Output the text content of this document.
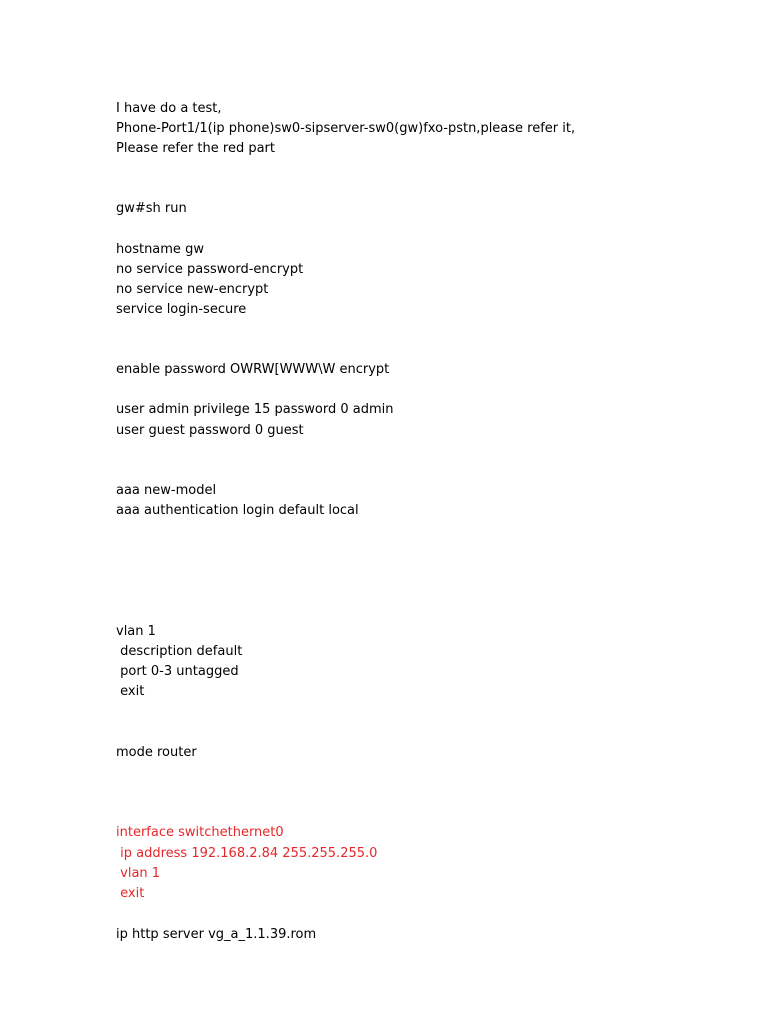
I have do a test,
Phone-Port1/1(ip phone)sw0-sipserver-sw0(gw)fxo-pstn,please refer it,
Please refer the red part
gw#sh run
hostname gw
no service password-encrypt
no service new-encrypt
service login-secure
enable password OWRW[WWW\W encrypt
user admin privilege 15 password 0 admin
user guest password 0 guest
aaa new-model
aaa authentication login default local
vlan 1
description default
port 0-3 untagged
exit
mode router
interface switchethernet0
ip address 192.168.2.84 255.255.255.0
vlan 1
exit
ip http server vg_a_1.1.39.rom
